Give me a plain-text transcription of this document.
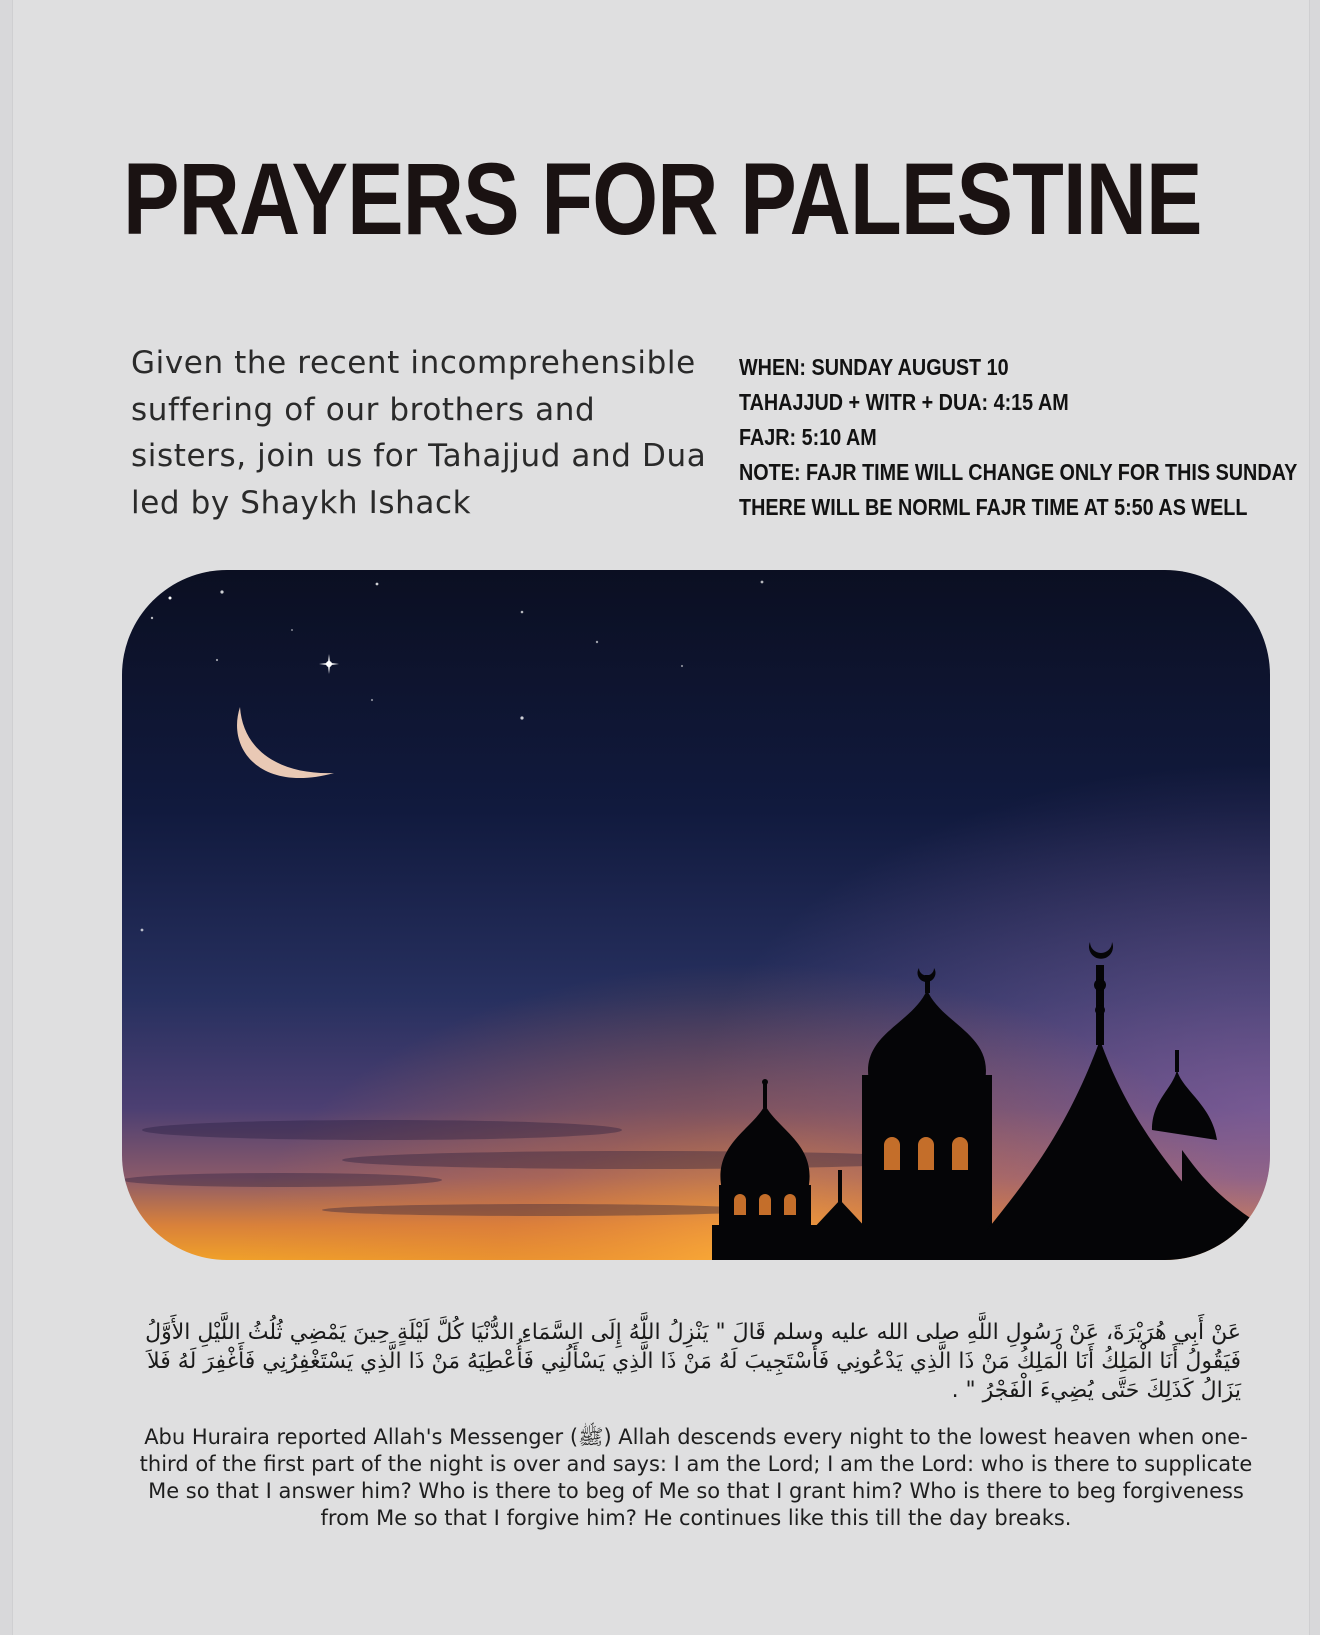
PRAYERS FOR PALESTINE
Given the recent incomprehensible suffering of our brothers and sisters, join us for Tahajjud and Dua led by Shaykh Ishack
WHEN: SUNDAY AUGUST 10
TAHAJJUD + WITR + DUA: 4:15 AM
FAJR: 5:10 AM
NOTE: FAJR TIME WILL CHANGE ONLY FOR THIS SUNDAY
THERE WILL BE NORML FAJR TIME AT 5:50 AS WELL
عَنْ أَبِي هُرَيْرَةَ، عَنْ رَسُولِ اللَّهِ صلى الله عليه وسلم قَالَ " يَنْزِلُ اللَّهُ إِلَى السَّمَاءِ الدُّنْيَا كُلَّ لَيْلَةٍ حِينَ يَمْضِي ثُلُثُ اللَّيْلِ الأَوَّلُ فَيَقُولُ أَنَا الْمَلِكُ أَنَا الْمَلِكُ مَنْ ذَا الَّذِي يَدْعُونِي فَأَسْتَجِيبَ لَهُ مَنْ ذَا الَّذِي يَسْأَلُنِي فَأُعْطِيَهُ مَنْ ذَا الَّذِي يَسْتَغْفِرُنِي فَأَغْفِرَ لَهُ فَلاَ يَزَالُ كَذَلِكَ حَتَّى يُضِيءَ الْفَجْرُ " .
Abu Huraira reported Allah's Messenger (ﷺ) Allah descends every night to the lowest heaven when one-third of the first part of the night is over and says: I am the Lord; I am the Lord: who is there to supplicate Me so that I answer him? Who is there to beg of Me so that I grant him? Who is there to beg forgiveness from Me so that I forgive him? He continues like this till the day breaks.
